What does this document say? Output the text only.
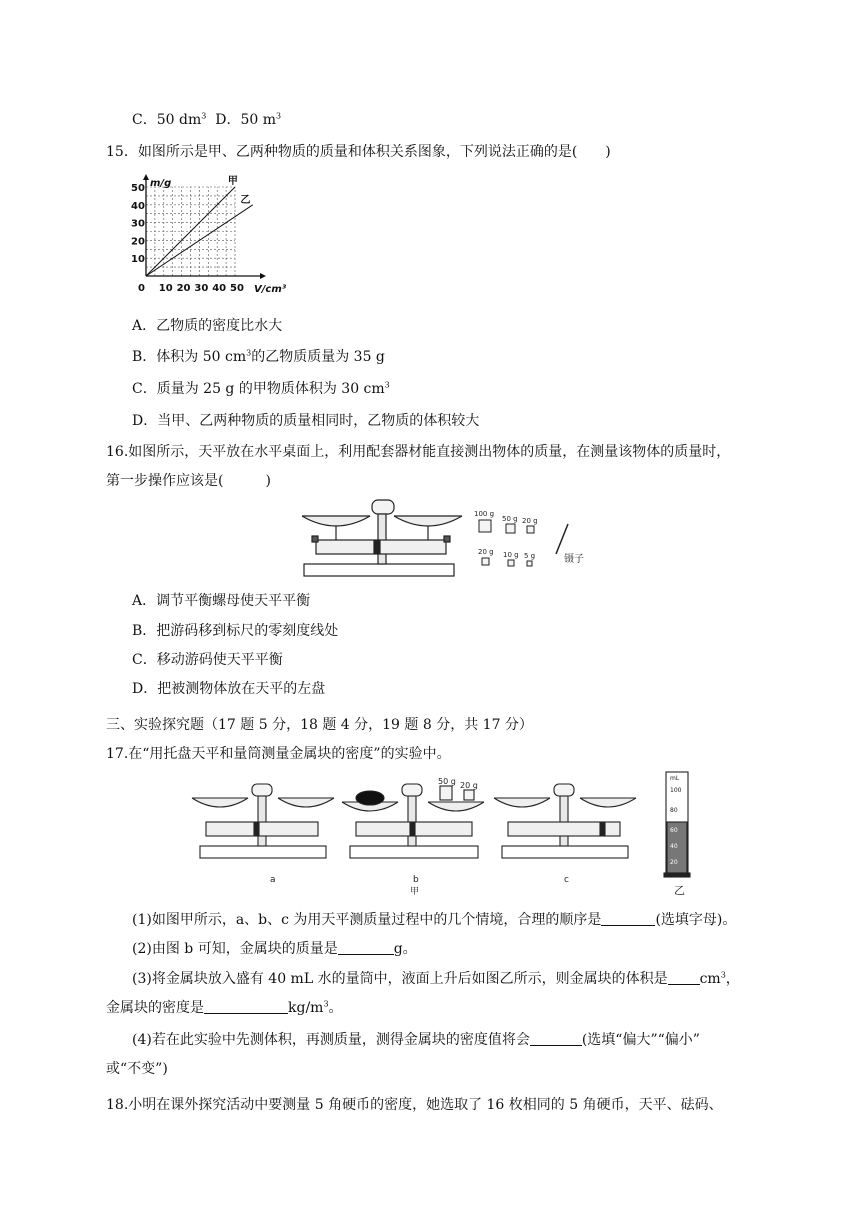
C．50 $dm^3$ D．50 $m^3$
15．如图所示是甲、乙两种物质的质量和体积关系图象，下列说法正确的是(　　)
m/g
V/cm³
甲
乙
0 10 20 30 40 50
10
20
30
40
50
A．乙物质的密度比水大
B．体积为 50 $cm^3$的乙物质质量为 35 g
C．质量为 25 g 的甲物质体积为 30 $cm^3$
D．当甲、乙两种物质的质量相同时，乙物质的体积较大
16.如图所示，天平放在水平桌面上，利用配套器材能直接测出物体的质量，在测量该物体的质量时，
第一步操作应该是(　　　)
100 g
50 g 20 g
20 g 10 g 5 g	镊子
A．调节平衡螺母使天平平衡
B．把游码移到标尺的零刻度线处
C．移动游码使天平平衡
D．把被测物体放在天平的左盘
三、实验探究题（17 题 5 分，18 题 4 分，19 题 8 分，共 17 分）
17.在“用托盘天平和量筒测量金属块的密度”的实验中。
50 g 20 g
mL
100
80
60
40
20
a	b
甲
c
乙
(1)如图甲所示，a、b、c 为用天平测质量过程中的几个情境，合理的顺序是	(选填字母)。
(2)由图 b 可知，金属块的质量是	g。
(3)将金属块放入盛有 40 mL 水的量筒中，液面上升后如图乙所示，则金属块的体积是 $cm^3$，
金属块的密度是	$kg/m^3$。
(4)若在此实验中先测体积，再测质量，测得金属块的密度值将会	(选填“偏大”“偏小”
或“不变”)
18.小明在课外探究活动中要测量 5 角硬币的密度，她选取了 16 枚相同的 5 角硬币，天平、砝码、
